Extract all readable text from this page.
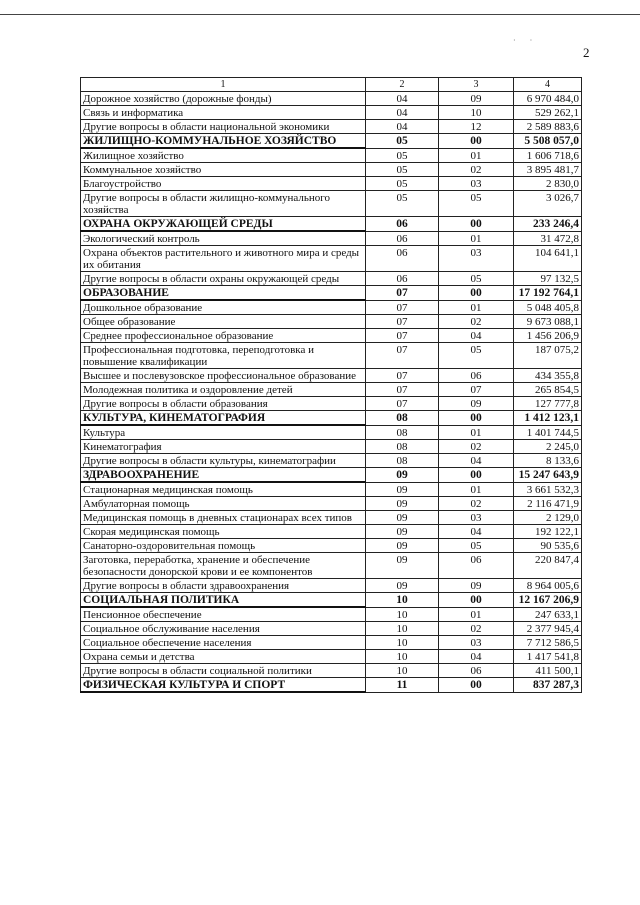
· ·
2
1	2	3	4
Дорожное хозяйство (дорожные фонды)	04	09	6 970 484,0
Связь и информатика	04	10	529 262,1
Другие вопросы в области национальной экономики	04	12	2 589 883,6
ЖИЛИЩНО-КОММУНАЛЬНОЕ ХОЗЯЙСТВО	05	00	5 508 057,0
Жилищное хозяйство	05	01	1 606 718,6
Коммунальное хозяйство	05	02	3 895 481,7
Благоустройство	05	03	2 830,0
Другие вопросы в области жилищно-коммунального хозяйства	05	05	3 026,7
ОХРАНА ОКРУЖАЮЩЕЙ СРЕДЫ	06	00	233 246,4
Экологический контроль	06	01	31 472,8
Охрана объектов растительного и животного мира и среды их обитания	06	03	104 641,1
Другие вопросы в области охраны окружающей среды	06	05	97 132,5
ОБРАЗОВАНИЕ	07	00	17 192 764,1
Дошкольное образование	07	01	5 048 405,8
Общее образование	07	02	9 673 088,1
Среднее профессиональное образование	07	04	1 456 206,9
Профессиональная подготовка, переподготовка и повышение квалификации	07	05	187 075,2
Высшее и послевузовское профессиональное образование	07	06	434 355,8
Молодежная политика и оздоровление детей	07	07	265 854,5
Другие вопросы в области образования	07	09	127 777,8
КУЛЬТУРА, КИНЕМАТОГРАФИЯ	08	00	1 412 123,1
Культура	08	01	1 401 744,5
Кинематография	08	02	2 245,0
Другие вопросы в области культуры, кинематографии	08	04	8 133,6
ЗДРАВООХРАНЕНИЕ	09	00	15 247 643,9
Стационарная медицинская помощь	09	01	3 661 532,3
Амбулаторная помощь	09	02	2 116 471,9
Медицинская помощь в дневных стационарах всех типов	09	03	2 129,0
Скорая медицинская помощь	09	04	192 122,1
Санаторно-оздоровительная помощь	09	05	90 535,6
Заготовка, переработка, хранение и обеспечение безопасности донорской крови и ее компонентов	09	06	220 847,4
Другие вопросы в области здравоохранения	09	09	8 964 005,6
СОЦИАЛЬНАЯ ПОЛИТИКА	10	00	12 167 206,9
Пенсионное обеспечение	10	01	247 633,1
Социальное обслуживание населения	10	02	2 377 945,4
Социальное обеспечение населения	10	03	7 712 586,5
Охрана семьи и детства	10	04	1 417 541,8
Другие вопросы в области социальной политики	10	06	411 500,1
ФИЗИЧЕСКАЯ КУЛЬТУРА И СПОРТ	11	00	837 287,3
